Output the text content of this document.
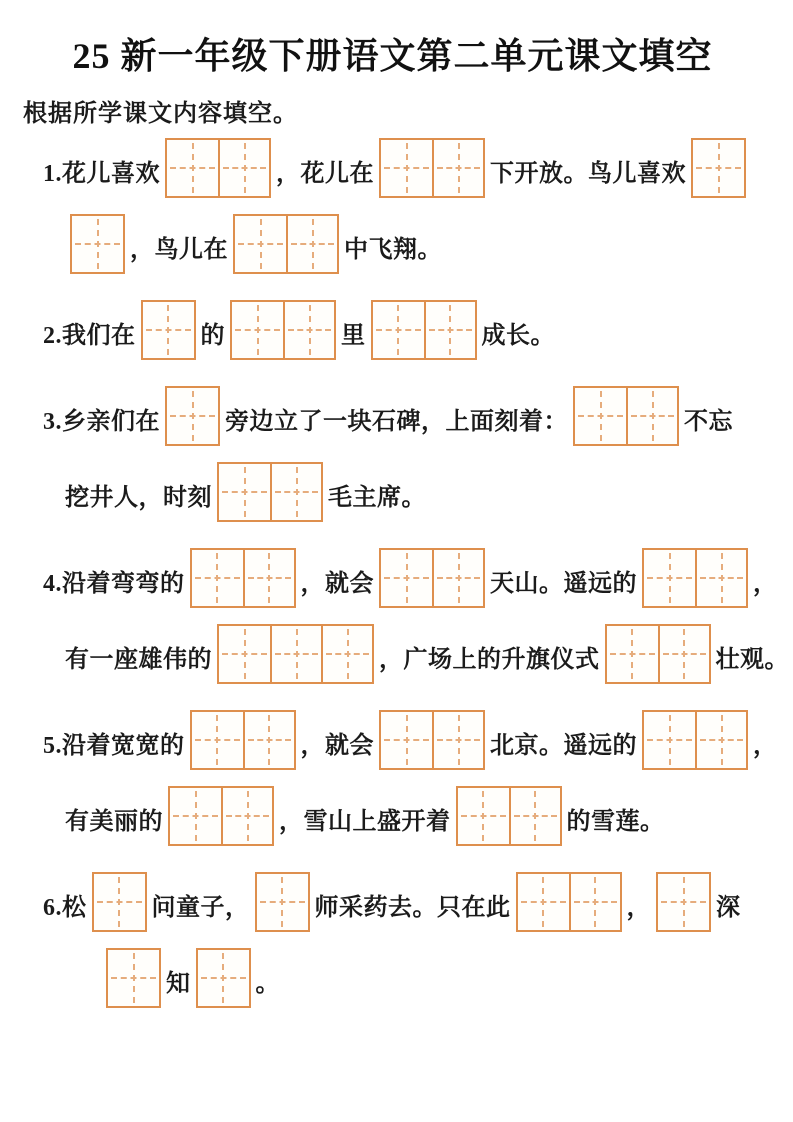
25 新一年级下册语文第二单元课文填空

根据所学课文内容填空。

1.花儿喜欢	，花儿在	下开放。鸟儿喜欢
，鸟儿在	中飞翔。
2.我们在	的	里	成长。
3.乡亲们在	旁边立了一块石碑，上面刻着：	不忘
挖井人，时刻	毛主席。
4.沿着弯弯的	，就会	天山。遥远的	，
有一座雄伟的	，广场上的升旗仪式	壮观。
5.沿着宽宽的	，就会	北京。遥远的	，
有美丽的	，雪山上盛开着	的雪莲。
6.松	问童子，	师采药去。只在此	，	深
知	。
